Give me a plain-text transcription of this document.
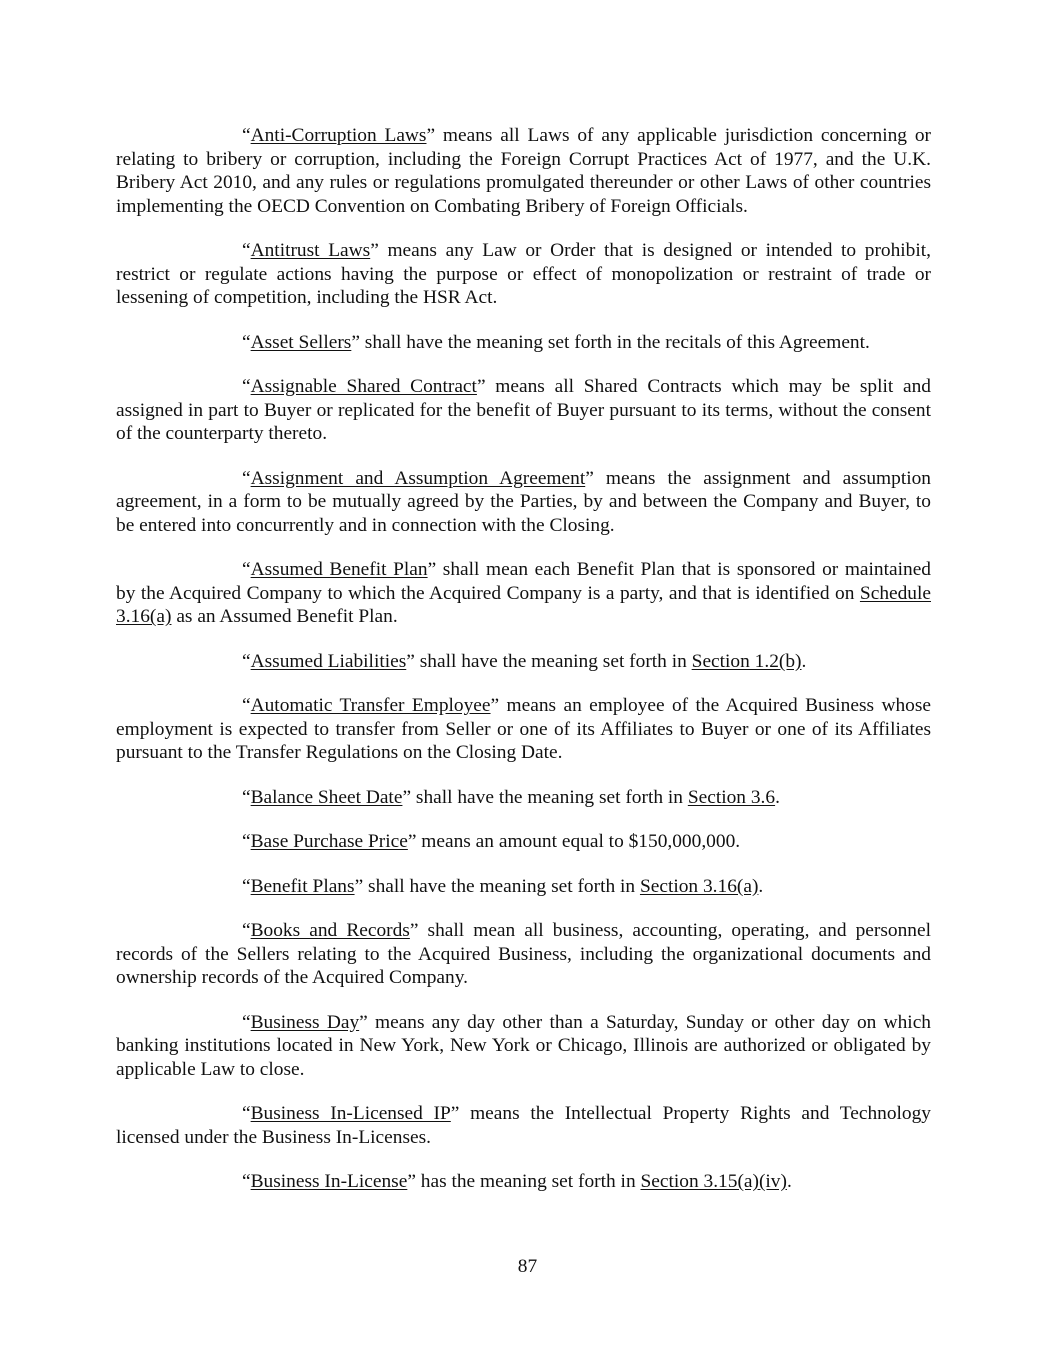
“Anti-Corruption Laws” means all Laws of any applicable jurisdiction concerning or relating to bribery or corruption, including the Foreign Corrupt Practices Act of 1977, and the U.K. Bribery Act 2010, and any rules or regulations promulgated thereunder or other Laws of other countries implementing the OECD Convention on Combating Bribery of Foreign Officials.

“Antitrust Laws” means any Law or Order that is designed or intended to prohibit, restrict or regulate actions having the purpose or effect of monopolization or restraint of trade or lessening of competition, including the HSR Act.

“Asset Sellers” shall have the meaning set forth in the recitals of this Agreement.

“Assignable Shared Contract” means all Shared Contracts which may be split and assigned in part to Buyer or replicated for the benefit of Buyer pursuant to its terms, without the consent of the counterparty thereto.

“Assignment and Assumption Agreement” means the assignment and assumption agreement, in a form to be mutually agreed by the Parties, by and between the Company and Buyer, to be entered into concurrently and in connection with the Closing.

“Assumed Benefit Plan” shall mean each Benefit Plan that is sponsored or maintained by the Acquired Company to which the Acquired Company is a party, and that is identified on Schedule 3.16(a) as an Assumed Benefit Plan.

“Assumed Liabilities” shall have the meaning set forth in Section 1.2(b).

“Automatic Transfer Employee” means an employee of the Acquired Business whose employment is expected to transfer from Seller or one of its Affiliates to Buyer or one of its Affiliates pursuant to the Transfer Regulations on the Closing Date.

“Balance Sheet Date” shall have the meaning set forth in Section 3.6.

“Base Purchase Price” means an amount equal to $150,000,000.

“Benefit Plans” shall have the meaning set forth in Section 3.16(a).

“Books and Records” shall mean all business, accounting, operating, and personnel records of the Sellers relating to the Acquired Business, including the organizational documents and ownership records of the Acquired Company.

“Business Day” means any day other than a Saturday, Sunday or other day on which banking institutions located in New York, New York or Chicago, Illinois are authorized or obligated by applicable Law to close.

“Business In-Licensed IP” means the Intellectual Property Rights and Technology licensed under the Business In-Licenses.

“Business In-License” has the meaning set forth in Section 3.15(a)(iv).

87
